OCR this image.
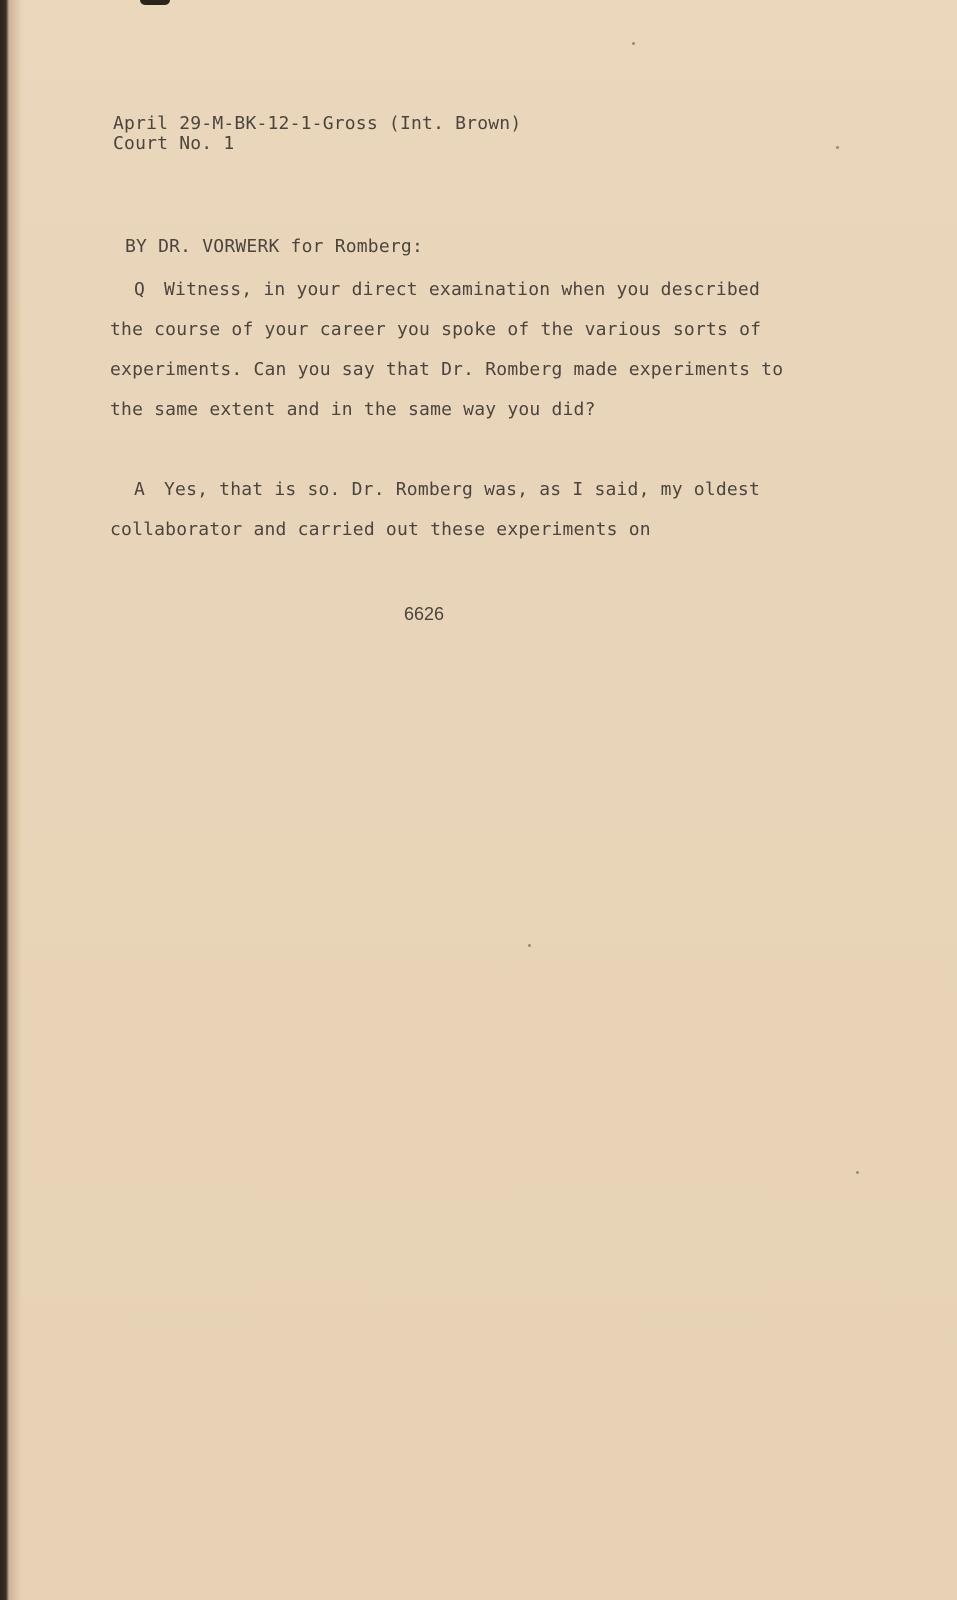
April 29-M-BK-12-1-Gross (Int. Brown)
Court No. 1
BY DR. VORWERK for Romberg:

Q Witness, in your direct examination when you described the course of your career you spoke of the various sorts of experiments. Can you say that Dr. Romberg made experiments to the same extent and in the same way you did?

A Yes, that is so. Dr. Romberg was, as I said, my oldest collaborator and carried out these experiments on

6626
